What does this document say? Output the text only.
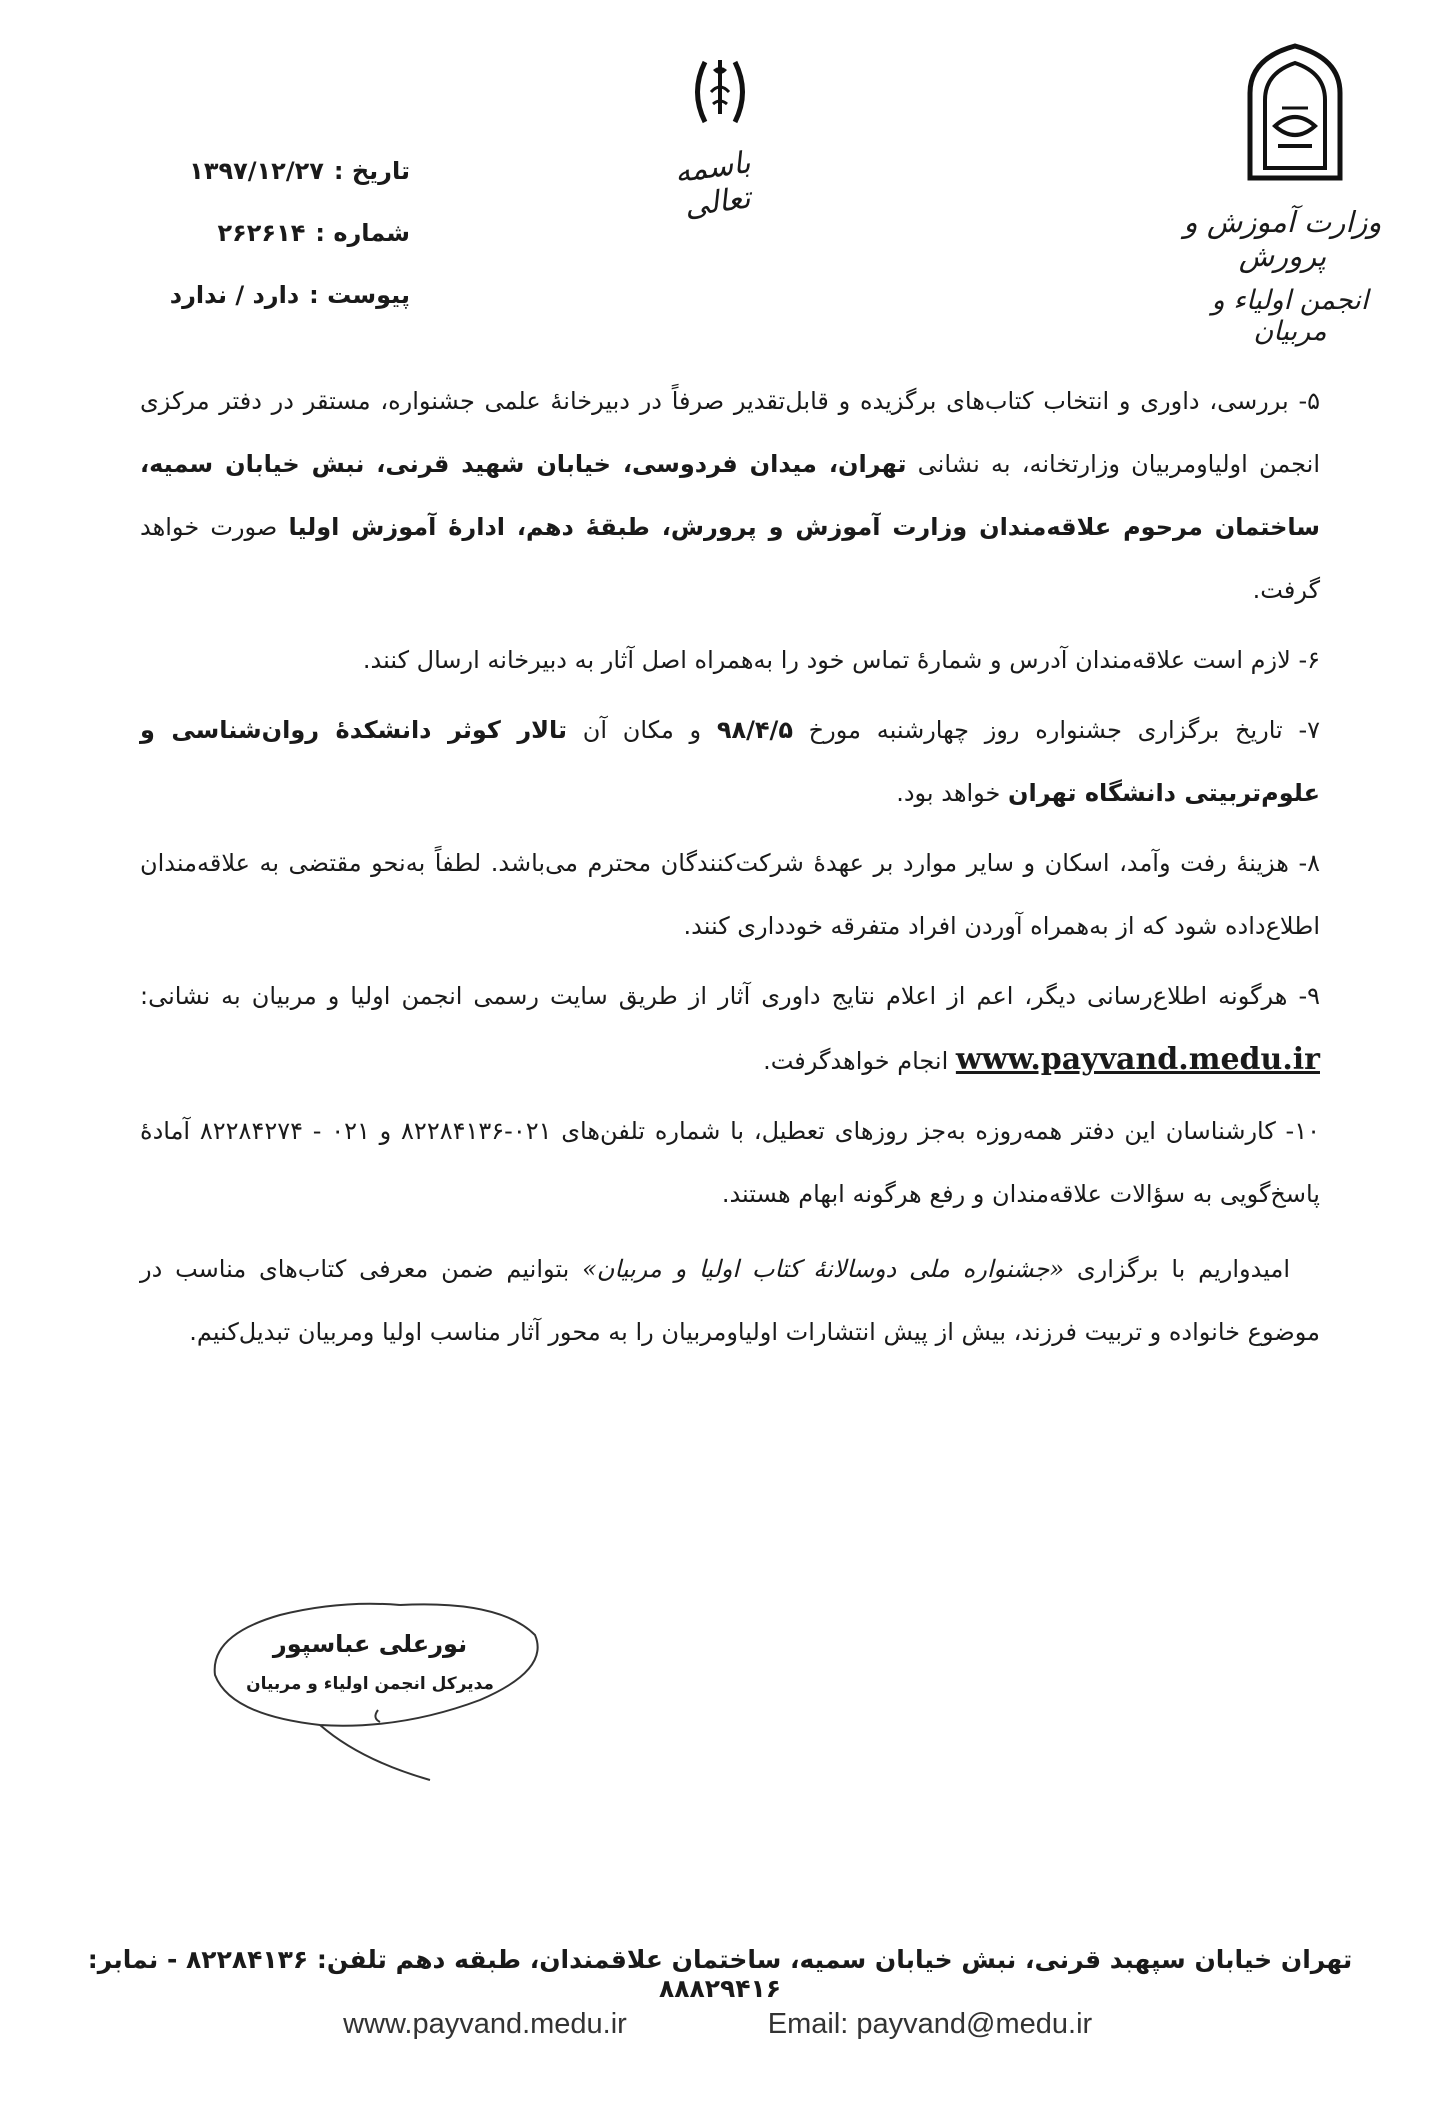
باسمه تعالی	وزارت آموزش و پرورش
انجمن اولیاء و مربیان
تاریخ :
۱۳۹۷/۱۲/۲۷
شماره :
۲۶۲۶۱۴
پیوست :
دارد / ندارد

۵- بررسی، داوری و انتخاب کتاب‌های برگزیده و قابل‌تقدیر صرفاً در دبیرخانهٔ علمی جشنواره، مستقر در دفتر مرکزی انجمن اولیاومربیان وزارتخانه، به نشانی تهران، میدان فردوسی، خیابان شهید قرنی، نبش خیابان سمیه، ساختمان مرحوم علاقه‌مندان وزارت آموزش و پرورش، طبقهٔ دهم، ادارهٔ آموزش اولیا صورت خواهد گرفت.

۶- لازم است علاقه‌مندان آدرس و شمارهٔ تماس خود را به‌همراه اصل آثار به دبیرخانه ارسال کنند.

۷- تاریخ برگزاری جشنواره روز چهارشنبه مورخ ۹۸/۴/۵ و مکان آن تالار کوثر دانشکدهٔ روان‌شناسی و علوم‌تربیتی دانشگاه تهران خواهد بود.

۸- هزینهٔ رفت وآمد، اسکان و سایر موارد بر عهدهٔ شرکت‌کنندگان محترم می‌باشد. لطفاً به‌نحو مقتضی به علاقه‌مندان اطلاع‌داده شود که از به‌همراه آوردن افراد متفرقه خودداری کنند.

۹- هرگونه اطلاع‌رسانی دیگر، اعم از اعلام نتایج داوری آثار از طریق سایت رسمی انجمن اولیا و مربیان به نشانی: www.payvand.medu.ir انجام خواهدگرفت.

۱۰- کارشناسان این دفتر همه‌روزه به‌جز روزهای تعطیل، با شماره تلفن‌های ۰۲۱-۸۲۲۸۴۱۳۶ و ۰۲۱ - ۸۲۲۸۴۲۷۴ آمادهٔ پاسخ‌گویی به سؤالات علاقه‌مندان و رفع هرگونه ابهام هستند.

امیدواریم با برگزاری «جشنواره ملی دوسالانهٔ کتاب اولیا و مربیان» بتوانیم ضمن معرفی کتاب‌های مناسب در موضوع خانواده و تربیت فرزند، بیش از پیش انتشارات اولیاومربیان را به محور آثار مناسب اولیا ومربیان تبدیل‌کنیم.

نورعلی عباسپور
مدیرکل انجمن اولیاء و مربیان
تهران خیابان سپهبد قرنی، نبش خیابان سمیه، ساختمان علاقمندان، طبقه دهم تلفن: ۸۲۲۸۴۱۳۶ - نمابر: ۸۸۸۲۹۴۱۶
www.payvand.medu.ir	Email: payvand@medu.ir
